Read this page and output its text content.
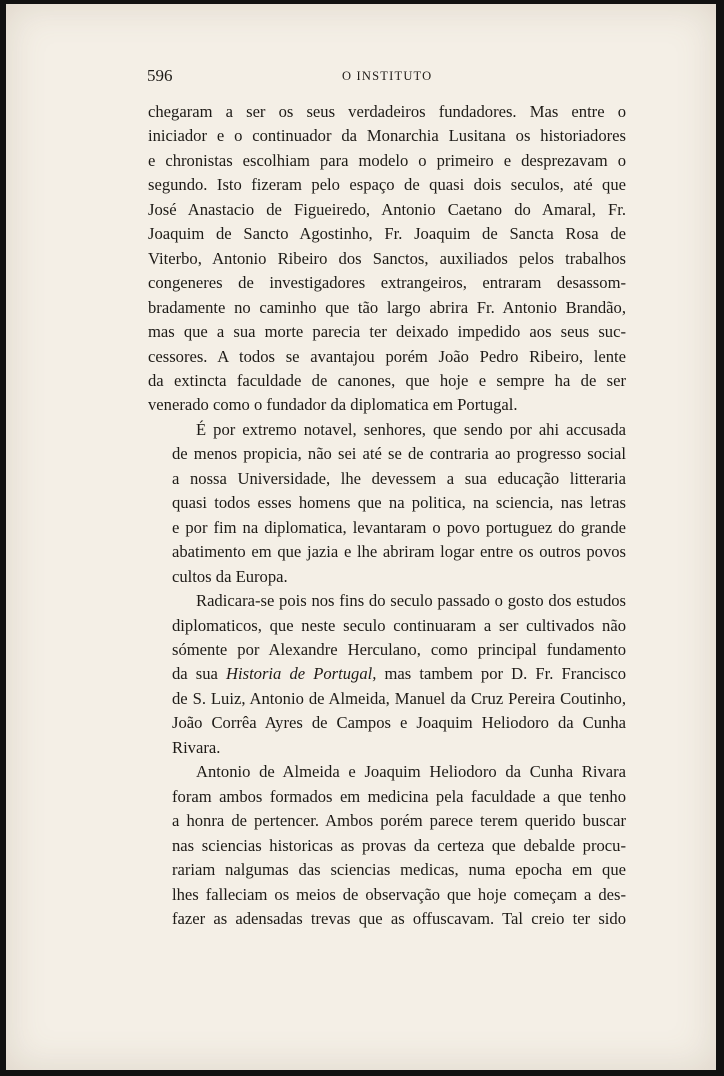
596	O INSTITUTO
chegaram a ser os seus verdadeiros fundadores. Mas entre o
iniciador e o continuador da Monarchia Lusitana os historiadores
e chronistas escolhiam para modelo o primeiro e desprezavam o
segundo. Isto fizeram pelo espaço de quasi dois seculos, até que
José Anastacio de Figueiredo, Antonio Caetano do Amaral, Fr.
Joaquim de Sancto Agostinho, Fr. Joaquim de Sancta Rosa de
Viterbo, Antonio Ribeiro dos Sanctos, auxiliados pelos trabalhos
congeneres de investigadores extrangeiros, entraram desassom-
bradamente no caminho que tão largo abrira Fr. Antonio Brandão,
mas que a sua morte parecia ter deixado impedido aos seus suc-
cessores. A todos se avantajou porém João Pedro Ribeiro, lente
da extincta faculdade de canones, que hoje e sempre ha de ser
venerado como o fundador da diplomatica em Portugal.
É por extremo notavel, senhores, que sendo por ahi accusada
de menos propicia, não sei até se de contraria ao progresso social
a nossa Universidade, lhe devessem a sua educação litteraria
quasi todos esses homens que na politica, na sciencia, nas letras
e por fim na diplomatica, levantaram o povo portuguez do grande
abatimento em que jazia e lhe abriram logar entre os outros povos
cultos da Europa.
Radicara-se pois nos fins do seculo passado o gosto dos estudos
diplomaticos, que neste seculo continuaram a ser cultivados não
sómente por Alexandre Herculano, como principal fundamento
da sua Historia de Portugal, mas tambem por D. Fr. Francisco
de S. Luiz, Antonio de Almeida, Manuel da Cruz Pereira Coutinho,
João Corrêa Ayres de Campos e Joaquim Heliodoro da Cunha
Rivara.
Antonio de Almeida e Joaquim Heliodoro da Cunha Rivara
foram ambos formados em medicina pela faculdade a que tenho
a honra de pertencer. Ambos porém parece terem querido buscar
nas sciencias historicas as provas da certeza que debalde procu-
rariam nalgumas das sciencias medicas, numa epocha em que
lhes falleciam os meios de observação que hoje começam a des-
fazer as adensadas trevas que as offuscavam. Tal creio ter sido
